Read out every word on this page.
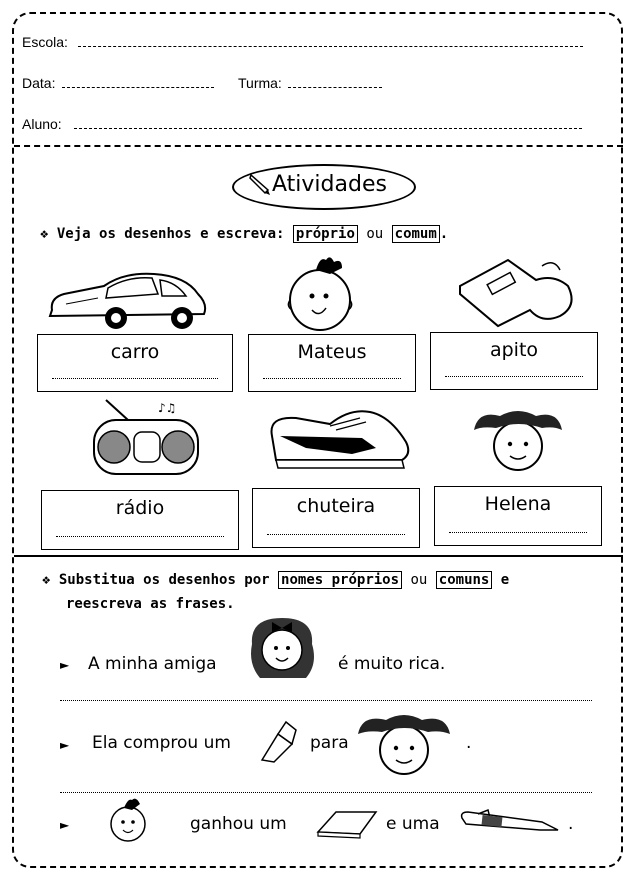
Escola:
Data:	Turma:
Aluno:
Atividades
❖ Veja os desenhos e escreva: próprio ou comum .
carro	Mateus	apito
♪♫
rádio	chuteira	Helena
❖ Substitua os desenhos por nomes próprios ou comuns e
reescreva as frases.
► A minha amiga	é muito rica.
► Ela comprou um	para	.
►	ganhou um	e uma	.
